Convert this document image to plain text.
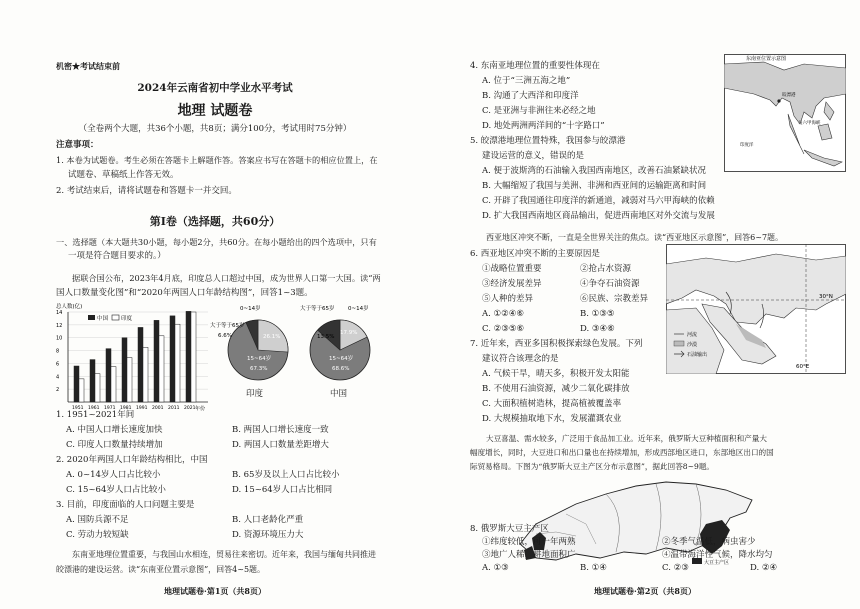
机密★考试结束前
2024年云南省初中学业水平考试
地理 试题卷
（全卷两个大题，共36个小题，共8页；满分100分，考试用时75分钟）
注意事项：
1. 本卷为试题卷。考生必须在答题卡上解题作答。答案应书写在答题卡的相应位置上，在
试题卷、草稿纸上作答无效。
2. 考试结束后，请将试题卷和答题卡一并交回。
第Ⅰ卷（选择题，共60分）
一、选择题（本大题共30小题，每小题2分，共60分。在每小题给出的四个选项中，只有
一项是符合题目要求的。）
据联合国公布，2023年4月底，印度总人口超过中国，成为世界人口第一大国。读“两
国人口数量变化图”和“2020年两国人口年龄结构图”，回答1~3题。
总人数(亿)
14
12
10
8
6
4
2
中国 印度
1951 1961 1971 1981 1991 2001 2011 2021 年份
0~14岁
大于等于65岁
6.6%	26.1%
15~64岁
67.3%
大于等于65岁 0~14岁
13.5%
17.9%
15~64岁
68.6%
印度	中国
1. 1951~2021年间
A. 中国人口增长速度加快	B. 两国人口增长速度一致
C. 印度人口数量持续增加	D. 两国人口数量差距增大
2. 2020年两国人口年龄结构相比，中国
A. 0~14岁人口占比较小	B. 65岁及以上人口占比较小
C. 15~64岁人口占比较小	D. 15~64岁人口占比相同
3. 目前，印度面临的人口问题主要是
A. 国防兵源不足	B. 人口老龄化严重
C. 劳动力较短缺	D. 资源环境压力大
东南亚地理位置重要，与我国山水相连，贸易往来密切。近年来，我国与缅甸共同推进
皎漂港的建设运营。读“东南亚位置示意图”，回答4~5题。
地理试题卷·第1页（共8页）
4. 东南亚地理位置的重要性体现在
A. 位于“三洲五海之地”
B. 沟通了大西洋和印度洋
C. 是亚洲与非洲往来必经之地
D. 地处两洲两洋间的“十字路口”
东南亚位置示意图
皎漂港
马六甲海峡
印度洋
5. 皎漂港地理位置特殊，我国参与皎漂港
建设运营的意义，错误的是
A. 便于波斯湾的石油输入我国西南地区，改善石油紧缺状况
B. 大幅缩短了我国与美洲、非洲和西亚间的运输距离和时间
C. 开辟了我国通往印度洋的新通道，减弱对马六甲海峡的依赖
D. 扩大我国西南地区商品输出，促进西南地区对外交流与发展
西亚地区冲突不断，一直是全世界关注的焦点。读“西亚地区示意图”，回答6~7题。
6. 西亚地区冲突不断的主要原因是
①战略位置重要	②抢占水资源
③经济发展差异	④争夺石油资源
⑤人种的差异	⑥民族、宗教差异
A. ①②④⑥	B. ①③⑤
C. ②③⑤⑥	D. ③④⑥
30°N
60°E
河流
沙漠
石油输出
7. 近年来，西亚多国积极探索绿色发展。下列
建议符合该理念的是
A. 气候干旱，晴天多，积极开发太阳能
B. 不使用石油资源，减少二氧化碳排放
C. 大面积植树造林，提高植被覆盖率
D. 大规模抽取地下水，发展灌溉农业
大豆喜温、需水较多，广泛用于食品加工业。近年来，俄罗斯大豆种植面积和产量大
幅度增长，同时，大豆进口和出口量也在持续增加，形成西部地区进口，东部地区出口的国
际贸易格局。下图为“俄罗斯大豆主产区分布示意图”，据此回答8~9题。
大豆主产区
8. 俄罗斯大豆主产区
①纬度较低，可一年两熟	②冬季气温低，病虫害少
③地广人稀，耕地面积广	④温带海洋性气候，降水均匀
A. ①③	B. ①④	C. ②③	D. ②④
地理试题卷·第2页（共8页）
